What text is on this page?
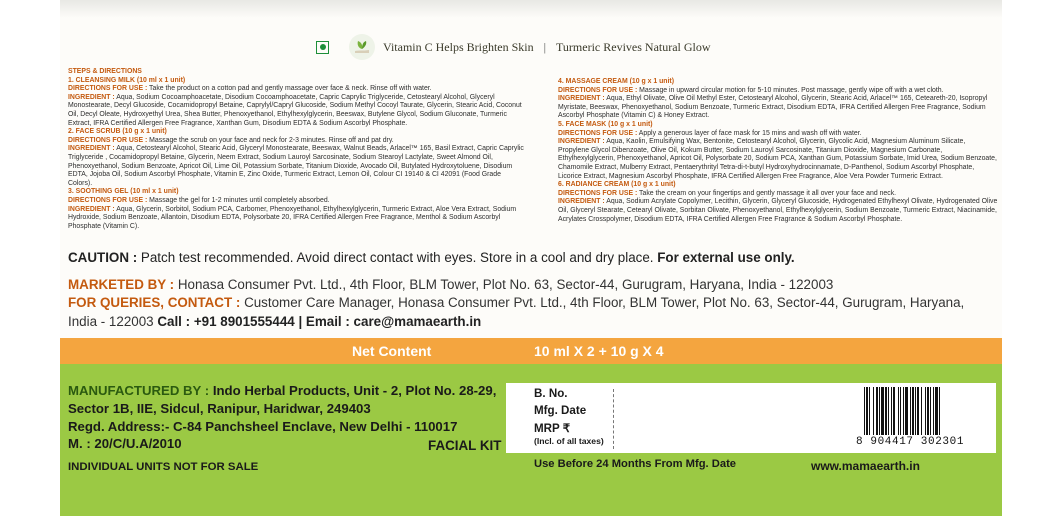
Vitamin C Helps Brighten Skin | Turmeric Revives Natural Glow
STEPS & DIRECTIONS
1. CLEANSING MILK (10 ml x 1 unit)
DIRECTIONS FOR USE : Take the product on a cotton pad and gently massage over face & neck. Rinse off with water.
INGREDIENT : Aqua, Sodium Cocoamphoacetate, Disodium Cocoamphoacetate, Capric Caprylic Triglyceride, Cetostearyl Alcohol, Glyceryl Monostearate, Decyl Glucoside, Cocamidopropyl Betaine, Caprylyl/Capryl Glucoside, Sodium Methyl Cocoyl Taurate, Glycerin, Stearic Acid, Coconut Oil, Decyl Oleate, Hydroxyethyl Urea, Shea Butter, Phenoxyethanol, Ethylhexylglycerin, Beeswax, Butylene Glycol, Sodium Gluconate, Turmeric Extract, IFRA Certified Allergen Free Fragrance, Xanthan Gum, Disodium EDTA & Sodium Ascorbyl Phosphate.
2. FACE SCRUB (10 g x 1 unit)
DIRECTIONS FOR USE : Massage the scrub on your face and neck for 2-3 minutes. Rinse off and pat dry.
INGREDIENT : Aqua, Cetostearyl Alcohol, Stearic Acid, Glyceryl Monostearate, Beeswax, Walnut Beads, Arlacel™ 165, Basil Extract, Capric Caprylic Triglyceride , Cocamidopropyl Betaine, Glycerin, Neem Extract, Sodium Lauroyl Sarcosinate, Sodium Stearoyl Lactylate, Sweet Almond Oil, Phenoxyethanol, Sodium Benzoate, Apricot Oil, Lime Oil, Potassium Sorbate, Titanium Dioxide, Avocado Oil, Butylated Hydroxytoluene, Disodium EDTA, Jojoba Oil, Sodium Ascorbyl Phosphate, Vitamin E, Zinc Oxide, Turmeric Extract, Lemon Oil, Colour CI 19140 & CI 42091 (Food Grade Colors).
3. SOOTHING GEL (10 ml x 1 unit)
DIRECTIONS FOR USE : Massage the gel for 1-2 minutes until completely absorbed.
INGREDIENT : Aqua, Glycerin, Sorbitol, Sodium PCA, Carbomer, Phenoxyethanol, Ethylhexylglycerin, Turmeric Extract, Aloe Vera Extract, Sodium Hydroxide, Sodium Benzoate, Allantoin, Disodium EDTA, Polysorbate 20, IFRA Certified Allergen Free Fragrance, Menthol & Sodium Ascorbyl Phosphate (Vitamin C).
4. MASSAGE CREAM (10 g x 1 unit)
DIRECTIONS FOR USE : Massage in upward circular motion for 5-10 minutes. Post massage, gently wipe off with a wet cloth.
INGREDIENT : Aqua, Ethyl Olivate, Olive Oil Methyl Ester, Cetostearyl Alcohol, Glycerin, Stearic Acid, Arlacel™ 165, Ceteareth-20, Isopropyl Myristate, Beeswax, Phenoxyethanol, Sodium Benzoate, Turmeric Extract, Disodium EDTA, IFRA Certified Allergen Free Fragrance, Sodium Ascorbyl Phosphate (Vitamin C) & Honey Extract.
5. FACE MASK (10 g x 1 unit)
DIRECTIONS FOR USE : Apply a generous layer of face mask for 15 mins and wash off with water.
INGREDIENT : Aqua, Kaolin, Emulsifying Wax, Bentonite, Cetostearyl Alcohol, Glycerin, Glycolic Acid, Magnesium Aluminum Silicate, Propylene Glycol Dibenzoate, Olive Oil, Kokum Butter, Sodium Lauroyl Sarcosinate, Titanium Dioxide, Magnesium Carbonate, Ethylhexylglycerin, Phenoxyethanol, Apricot Oil, Polysorbate 20, Sodium PCA, Xanthan Gum, Potassium Sorbate, Imid Urea, Sodium Benzoate, Chamomile Extract, Mulberry Extract, Pentaerythrityl Tetra-di-t-butyl Hydroxyhydrocinnamate, D-Panthenol, Sodium Ascorbyl Phosphate, Licorice Extract, Magnesium Ascorbyl Phosphate, IFRA Certified Allergen Free Fragrance, Aloe Vera Powder Turmeric Extract.
6. RADIANCE CREAM (10 g x 1 unit)
DIRECTIONS FOR USE : Take the cream on your fingertips and gently massage it all over your face and neck.
INGREDIENT : Aqua, Sodium Acrylate Copolymer, Lecithin, Glycerin, Glyceryl Glucoside, Hydrogenated Ethylhexyl Olivate, Hydrogenated Olive Oil, Glyceryl Stearate, Cetearyl Olivate, Sorbitan Olivate, Phenoxyethanol, Ethylhexylglycerin, Sodium Benzoate, Turmeric Extract, Niacinamide, Acrylates Crosspolymer, Disodium EDTA, IFRA Certified Allergen Free Fragrance & Sodium Ascorbyl Phosphate.
CAUTION : Patch test recommended. Avoid direct contact with eyes. Store in a cool and dry place. For external use only.
MARKETED BY : Honasa Consumer Pvt. Ltd., 4th Floor, BLM Tower, Plot No. 63, Sector-44, Gurugram, Haryana, India - 122003
FOR QUERIES, CONTACT : Customer Care Manager, Honasa Consumer Pvt. Ltd., 4th Floor, BLM Tower, Plot No. 63, Sector-44, Gurugram, Haryana, India - 122003 Call : +91 8901555444 | Email : care@mamaearth.in
Net Content	10 ml X 2 + 10 g X 4
MANUFACTURED BY : Indo Herbal Products, Unit - 2, Plot No. 28-29, Sector 1B, IIE, Sidcul, Ranipur, Haridwar, 249403
Regd. Address:- C-84 Panchsheel Enclave, New Delhi - 110017
M. : 20/C/U.A/2010	FACIAL KIT
INDIVIDUAL UNITS NOT FOR SALE
B. No.
Mfg. Date
MRP ₹
(Incl. of all taxes)	8 904417 302301
Use Before 24 Months From Mfg. Date	www.mamaearth.in
